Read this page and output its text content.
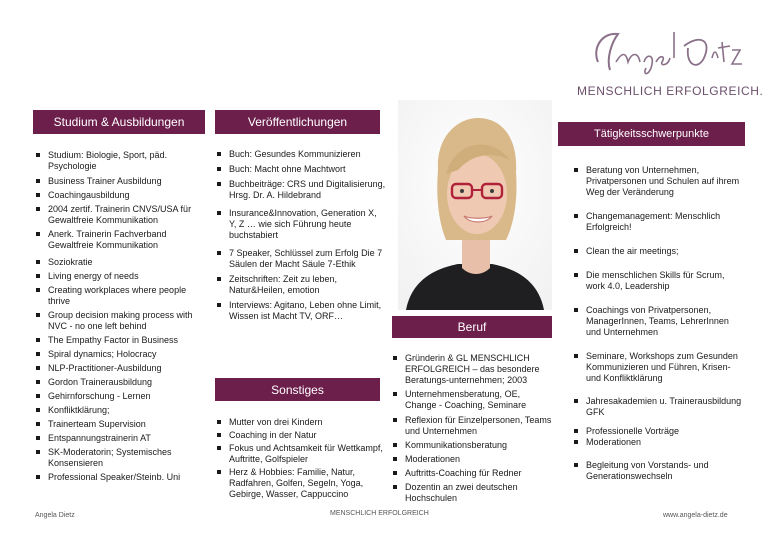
MENSCHLICH ERFOLGREICH.
Studium & Ausbildungen	Veröffentlichungen
Tätigkeitsschwerpunkte
Beruf
Sonstiges
Studium: Biologie, Sport, päd. Psychologie
Business Trainer Ausbildung
Coachingausbildung
2004 zertif. Trainerin CNVS/USA für Gewaltfreie Kommunikation
Anerk. Trainerin Fachverband Gewaltfreie Kommunikation
Soziokratie
Living energy of needs
Creating workplaces where people thrive
Group decision making process with NVC - no one left behind
The Empathy Factor in Business
Spiral dynamics; Holocracy
NLP-Practitioner-Ausbildung
Gordon Trainerausbildung
Gehirnforschung - Lernen
Konfliktklärung;
Trainerteam Supervision
Entspannungstrainerin AT
SK-Moderatorin; Systemisches Konsensieren
Professional Speaker/Steinb. Uni
Buch: Gesundes Kommunizieren
Buch: Macht ohne Machtwort
Buchbeiträge: CRS und Digitalisierung, Hrsg. Dr. A. Hildebrand
Insurance&Innovation, Generation X, Y, Z … wie sich Führung heute buchstabiert
7 Speaker, Schlüssel zum Erfolg Die 7 Säulen der Macht Säule 7-Ethik
Zeitschriften: Zeit zu leben, Natur&Heilen, emotion
Interviews: Agitano, Leben ohne Limit, Wissen ist Macht TV, ORF…
Mutter von drei Kindern
Coaching in der Natur
Fokus und Achtsamkeit für Wettkampf, Auftritte, Golfspieler
Herz & Hobbies: Familie, Natur, Radfahren, Golfen, Segeln, Yoga, Gebirge, Wasser, Cappuccino
Gründerin & GL MENSCHLICH ERFOLGREICH – das besondere Beratungs-unternehmen; 2003
Unternehmensberatung, OE, Change - Coaching, Seminare
Reflexion für Einzelpersonen, Teams und Unternehmen
Kommunikationsberatung
Moderationen
Auftritts-Coaching für Redner
Dozentin an zwei deutschen Hochschulen
Beratung von Unternehmen, Privatpersonen und Schulen auf ihrem Weg der Veränderung
Changemanagement: Menschlich Erfolgreich!
Clean the air meetings;
Die menschlichen Skills für Scrum, work 4.0, Leadership
Coachings von Privatpersonen, ManagerInnen, Teams, LehrerInnen und Unternehmen
Seminare, Workshops zum Gesunden Kommunizieren und Führen, Krisen- und Konfliktklärung
Jahresakademien u. Trainerausbildung GFK
Professionelle Vorträge
Moderationen
Begleitung von Vorstands- und Generationswechseln
Angela Dietz	MENSCHLICH ERFOLGREICH	www.angela-dietz.de
